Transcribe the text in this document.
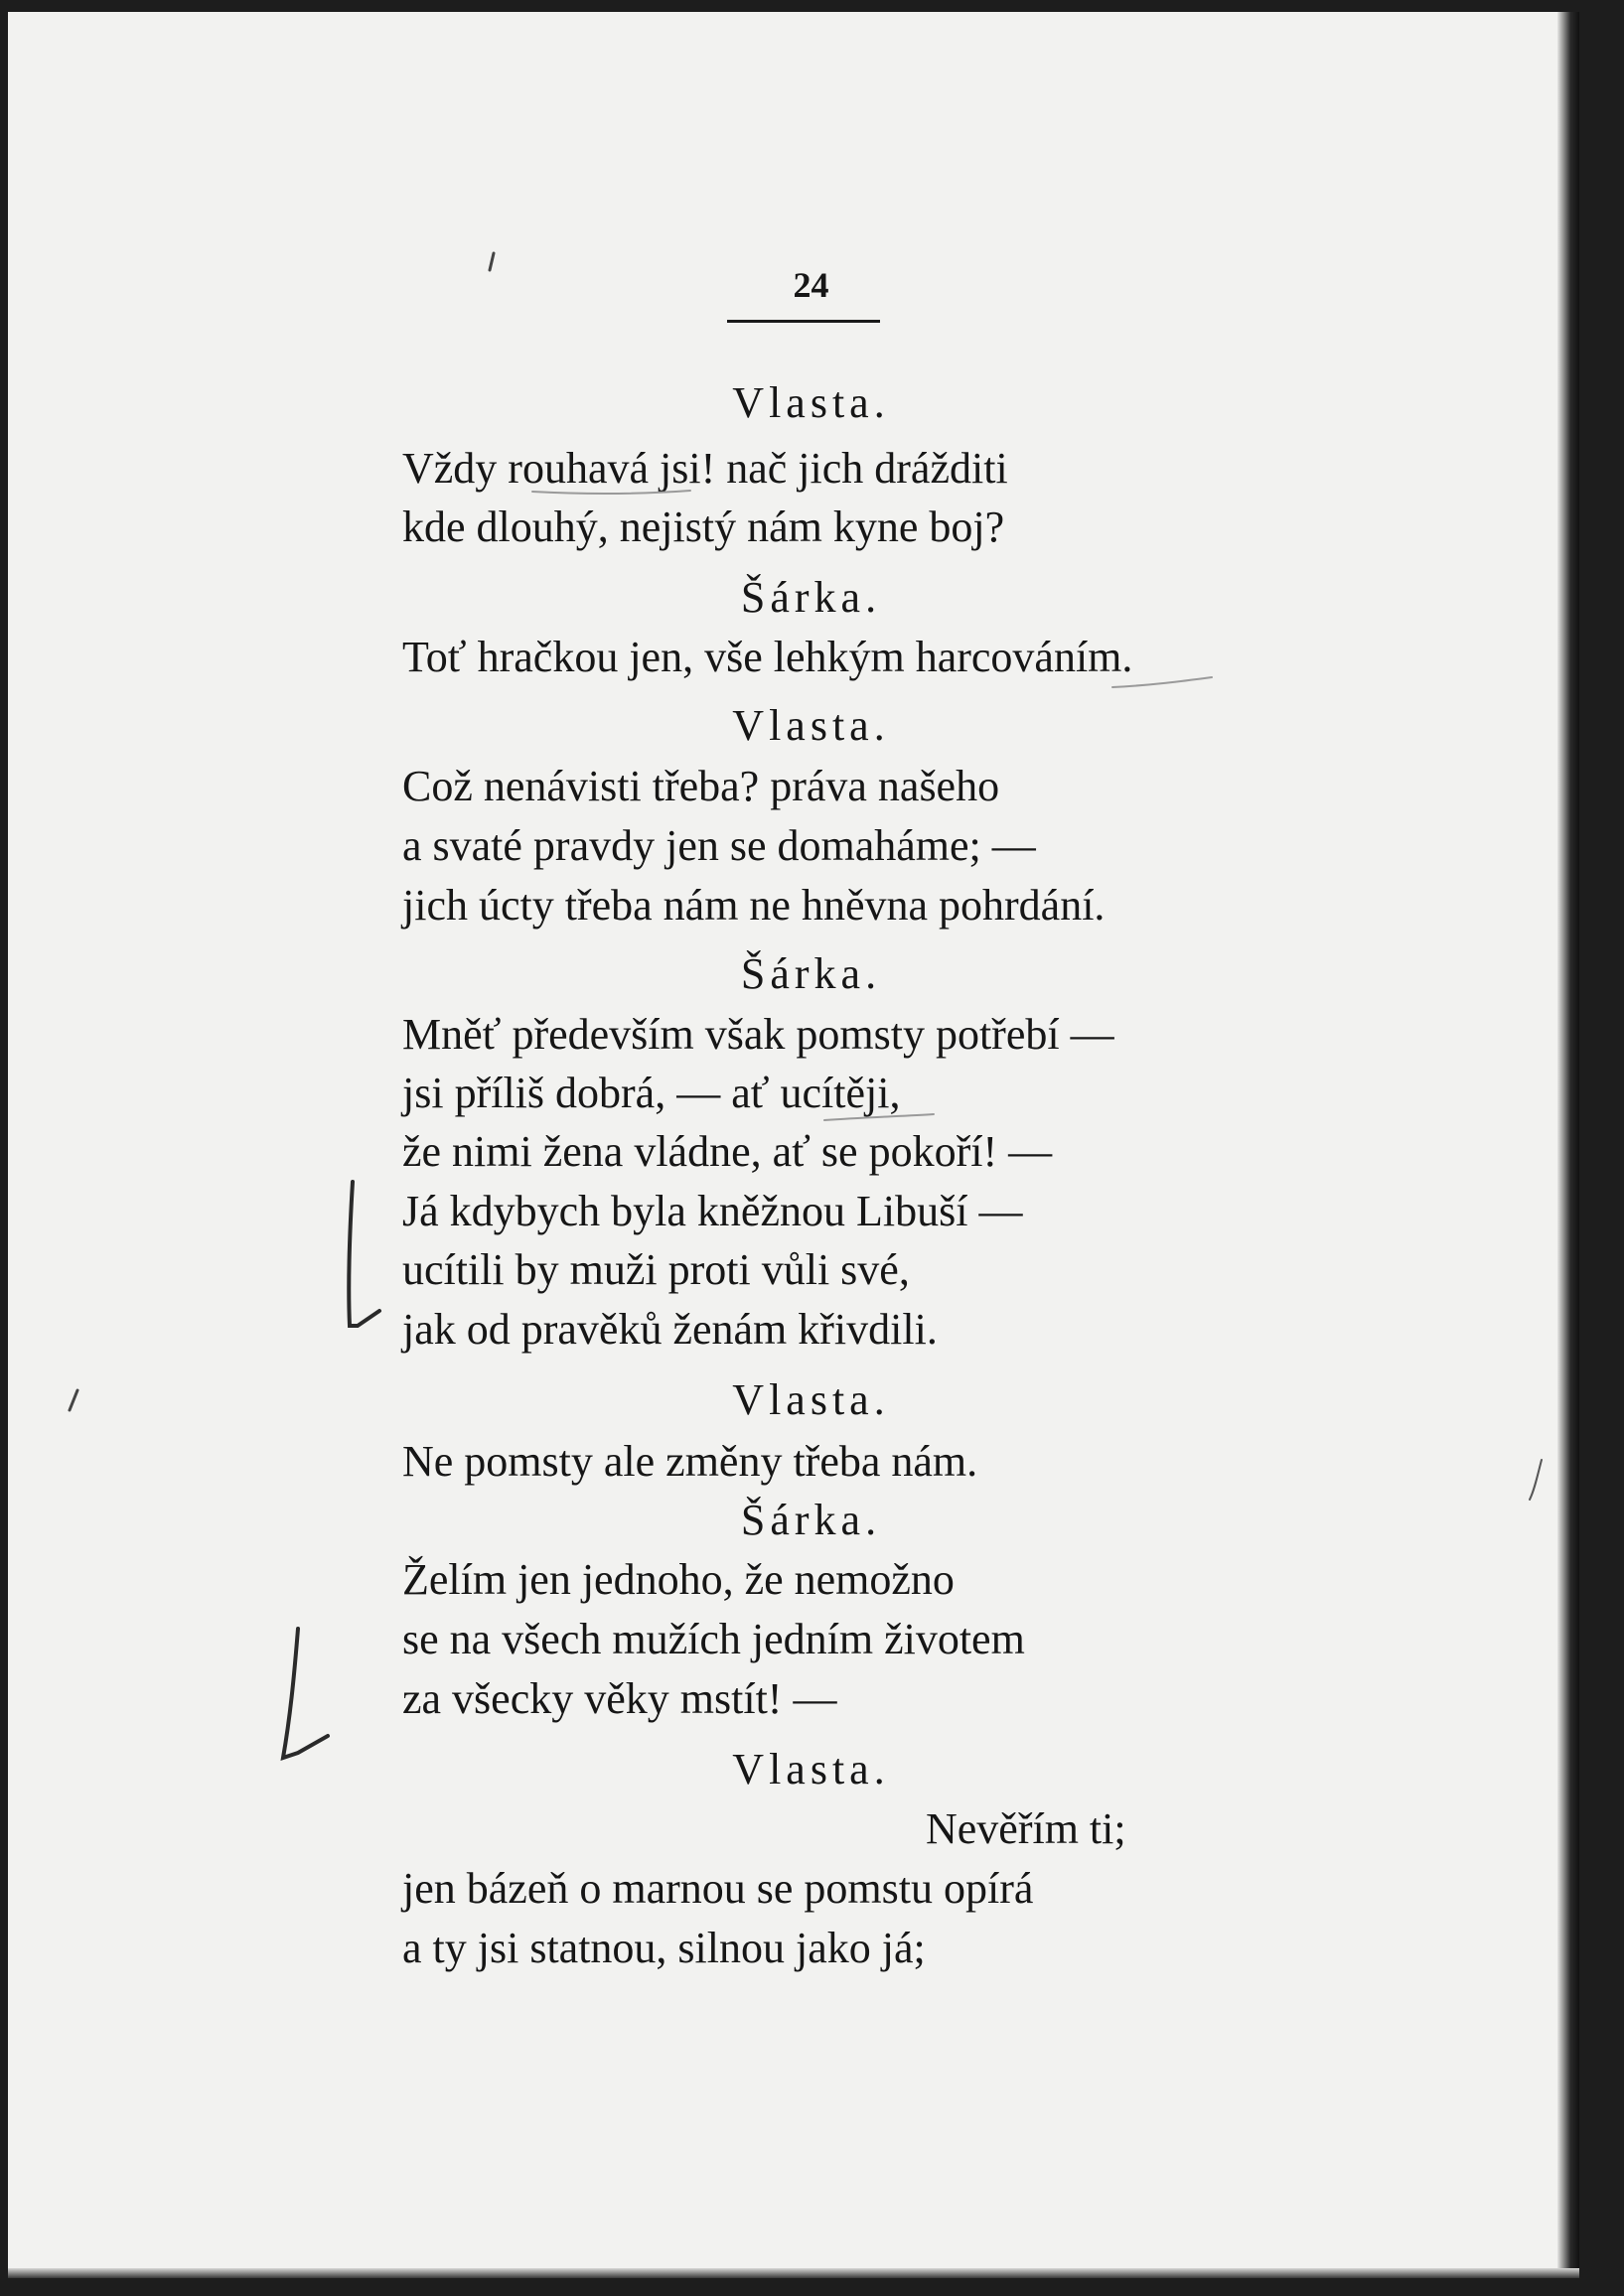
24
Vlasta.
Vždy rouhavá jsi! nač jich drážditi
kde dlouhý, nejistý nám kyne boj?
Šárka.
Toť hračkou jen, vše lehkým harcováním.
Vlasta.
Což nenávisti třeba? práva našeho
a svaté pravdy jen se domaháme; —
jich úcty třeba nám ne hněvna pohrdání.
Šárka.
Mněť především však pomsty potřebí —
jsi příliš dobrá, — ať ucítěji,
že nimi žena vládne, ať se pokoří! —
Já kdybych byla kněžnou Libuší —
ucítili by muži proti vůli své,
jak od pravěků ženám křivdili.
Vlasta.
Ne pomsty ale změny třeba nám.
Šárka.
Želím jen jednoho, že nemožno
se na všech mužích jedním životem
za všecky věky mstít! —
Vlasta.
Nevěřím ti;
jen bázeň o marnou se pomstu opírá
a ty jsi statnou, silnou jako já;
